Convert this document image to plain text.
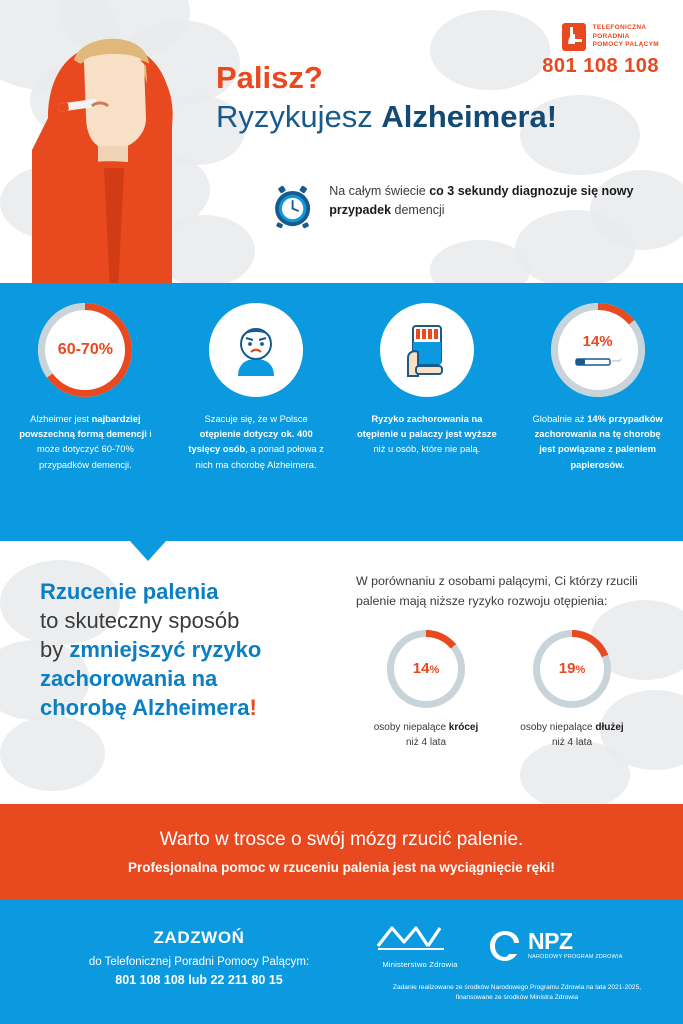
TELEFONICZNA
PORADNIA
POMOCY PALĄCYM
801 108 108
Palisz?
Ryzykujesz Alzheimera!
Na całym świecie co 3 sekundy diagnozuje się nowy przypadek demencji
60-70%
Alzheimer jest najbardziej powszechną formą demencji i może dotyczyć 60-70% przypadków demencji.
Szacuje się, że w Polsce otępienie dotyczy ok. 400 tysięcy osób, a ponad połowa z nich ma chorobę Alzheimera.
Ryzyko zachorowania na otępienie u palaczy jest wyższe niż u osób, które nie palą.
14%
Globalnie aż 14% przypadków zachorowania na tę chorobę jest powiązane z paleniem papierosów.
Rzucenie palenia
to skuteczny sposób
by zmniejszyć ryzyko
zachorowania na
chorobę Alzheimera!
W porównaniu z osobami palącymi, Ci którzy rzucili palenie mają niższe ryzyko rozwoju otępienia:
14%
osoby niepalące krócej niż 4 lata
19%
osoby niepalące dłużej niż 4 lata
Warto w trosce o swój mózg rzucić palenie.
Profesjonalna pomoc w rzuceniu palenia jest na wyciągnięcie ręki!
ZADZWOŃ
do Telefonicznej Poradni Pomocy Palącym:
801 108 108 lub 22 211 80 15
Ministerstwo Zdrowia
NPZ
NARODOWY PROGRAM ZDROWIA
Zadanie realizowane ze środków Narodowego Programu Zdrowia na lata 2021-2025, finansowane ze środków Ministra Zdrowia
